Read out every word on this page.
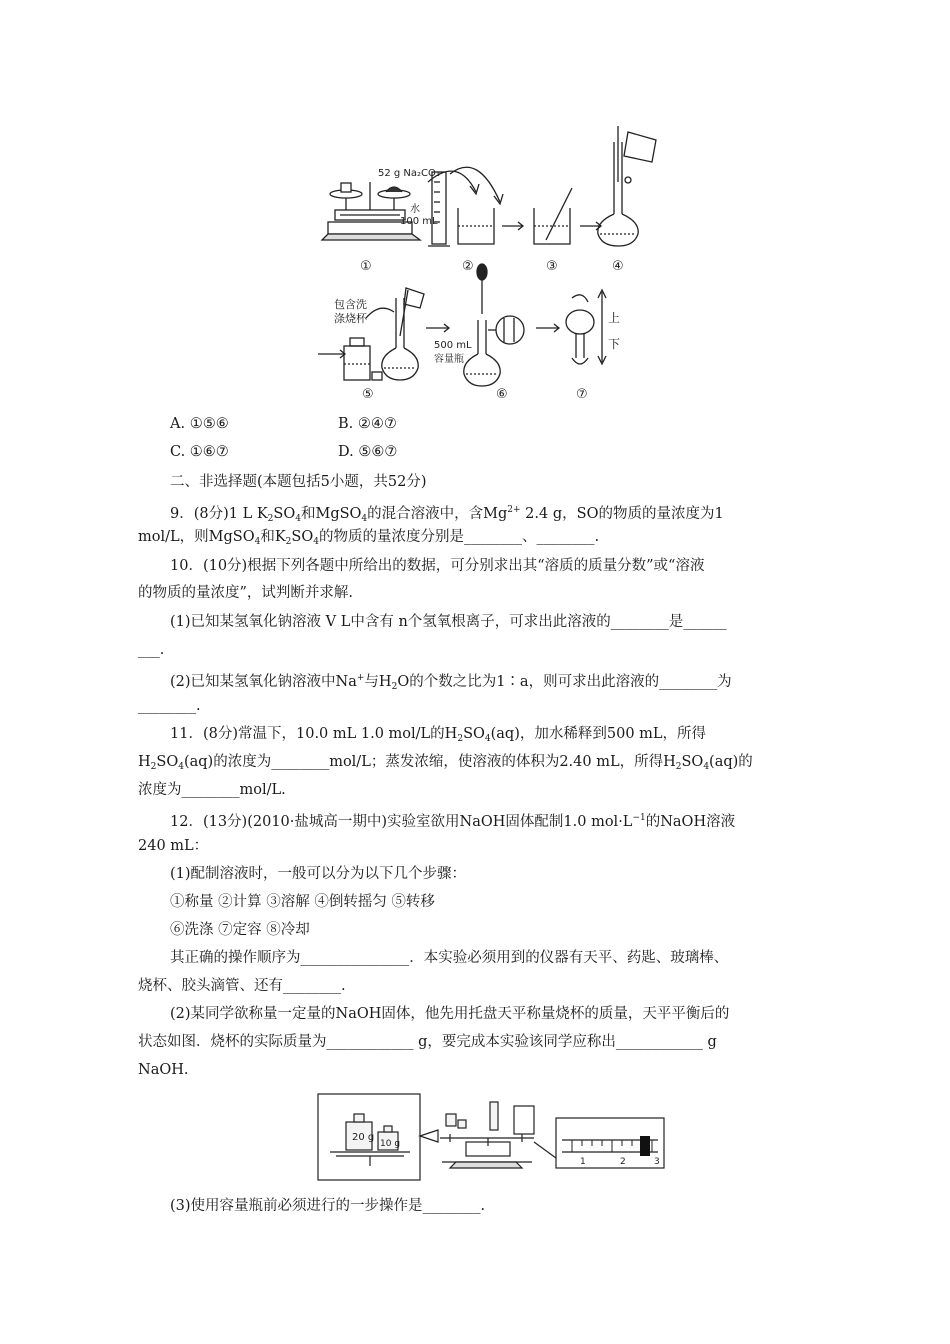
52 g Na₂CO₃
水
100 mL
①	②	③	④
包含洗
涤烧杯
500 mL
容量瓶
上
下
⑤	⑥	⑦
A. ①⑤⑥	B. ②④⑦
C. ①⑥⑦	D. ⑤⑥⑦
二、非选择题(本题包括5小题，共52分)
9．(8分)1 L $K_2SO_4$和MgSO$_4$的混合溶液中，含$Mg^{2+}$ 2.4 g，SO的物质的量浓度为1
mol/L，则MgSO$_4$和$K_2SO_4$的物质的量浓度分别是________、________.
10．(10分)根据下列各题中所给出的数据，可分别求出其“溶质的质量分数”或“溶液
的物质的量浓度”，试判断并求解.
(1)已知某氢氧化钠溶液 V L中含有 n个氢氧根离子，可求出此溶液的________是______
___.
(2)已知某氢氧化钠溶液中Na+与$H_2O$的个数之比为1∶a，则可求出此溶液的________为
________.
11．(8分)常温下，10.0 mL 1.0 mol/L的$H_2SO_4(aq)$，加水稀释到500 mL，所得
$H_2SO_4(aq)$的浓度为________mol/L；蒸发浓缩，使溶液的体积为2.40 mL，所得$H_2SO_4(aq)$的
浓度为________mol/L.
12．(13分)(2010·盐城高一期中)实验室欲用NaOH固体配制1.0 $mol\cdot L^{-1}$的NaOH溶液
240 mL：
(1)配制溶液时，一般可以分为以下几个步骤：
①称量 ②计算 ③溶解 ④倒转摇匀 ⑤转移
⑥洗涤 ⑦定容 ⑧冷却
其正确的操作顺序为_______________．本实验必须用到的仪器有天平、药匙、玻璃棒、
烧杯、胶头滴管、还有________.
(2)某同学欲称量一定量的NaOH固体，他先用托盘天平称量烧杯的质量，天平平衡后的
状态如图．烧杯的实际质量为____________ g，要完成本实验该同学应称出____________ g
NaOH.
20 g
10 g
1	2	3
(3)使用容量瓶前必须进行的一步操作是________.
